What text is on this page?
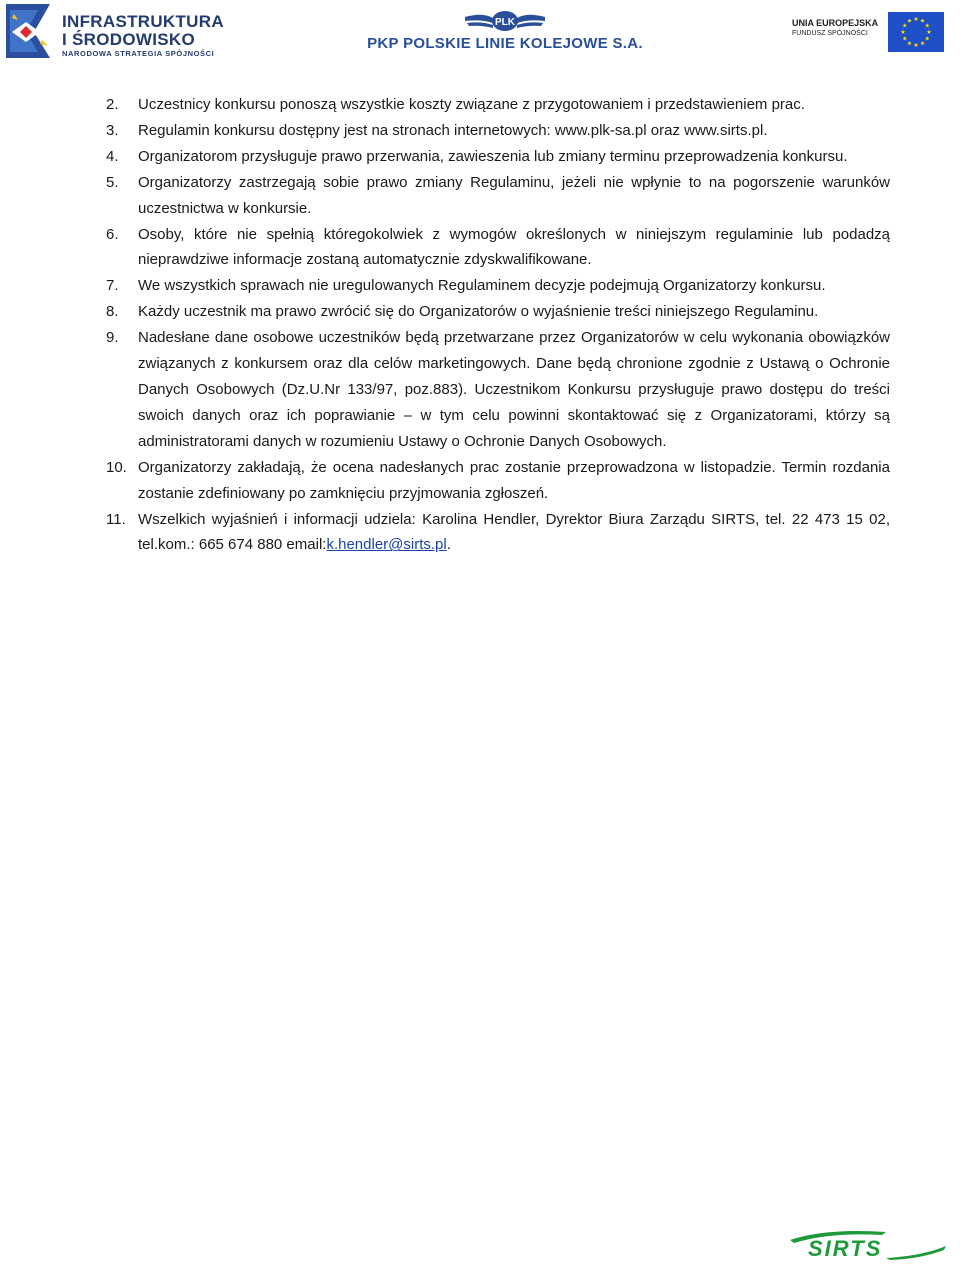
INFRASTRUKTURA
I ŚRODOWISKO
NARODOWA STRATEGIA SPÓJNOŚCI
PLK
PKP POLSKIE LINIE KOLEJOWE S.A.
UNIA EUROPEJSKA
FUNDUSZ SPÓJNOŚCI
2.	Uczestnicy konkursu ponoszą wszystkie koszty związane z przygotowaniem i przedstawieniem prac.
3.	Regulamin konkursu dostępny jest na stronach internetowych: www.plk-sa.pl oraz www.sirts.pl.
4.	Organizatorom przysługuje prawo przerwania, zawieszenia lub zmiany terminu przeprowadzenia konkursu.
5.	Organizatorzy zastrzegają sobie prawo zmiany Regulaminu, jeżeli nie wpłynie to na pogorszenie warunków uczestnictwa w konkursie.
6.	Osoby, które nie spełnią któregokolwiek z wymogów określonych w niniejszym regulaminie lub podadzą nieprawdziwe informacje zostaną automatycznie zdyskwalifikowane.
7.	We wszystkich sprawach nie uregulowanych Regulaminem decyzje podejmują Organizatorzy konkursu.
8.	Każdy uczestnik ma prawo zwrócić się do Organizatorów o wyjaśnienie treści niniejszego Regulaminu.
9.	Nadesłane dane osobowe uczestników będą przetwarzane przez Organizatorów w celu wykonania obowiązków związanych z konkursem oraz dla celów marketingowych. Dane będą chronione zgodnie z Ustawą o Ochronie Danych Osobowych (Dz.U.Nr 133/97, poz.883). Uczestnikom Konkursu przysługuje prawo dostępu do treści swoich danych oraz ich poprawianie – w tym celu powinni skontaktować się z Organizatorami, którzy są administratorami danych w rozumieniu Ustawy o Ochronie Danych Osobowych.
10. Organizatorzy zakładają, że ocena nadesłanych prac zostanie przeprowadzona w listopadzie. Termin rozdania zostanie zdefiniowany po zamknięciu przyjmowania zgłoszeń.
11. Wszelkich wyjaśnień i informacji udziela: Karolina Hendler, Dyrektor Biura Zarządu SIRTS, tel. 22 473 15 02, tel.kom.: 665 674 880 email:k.hendler@sirts.pl.
SIRTS
